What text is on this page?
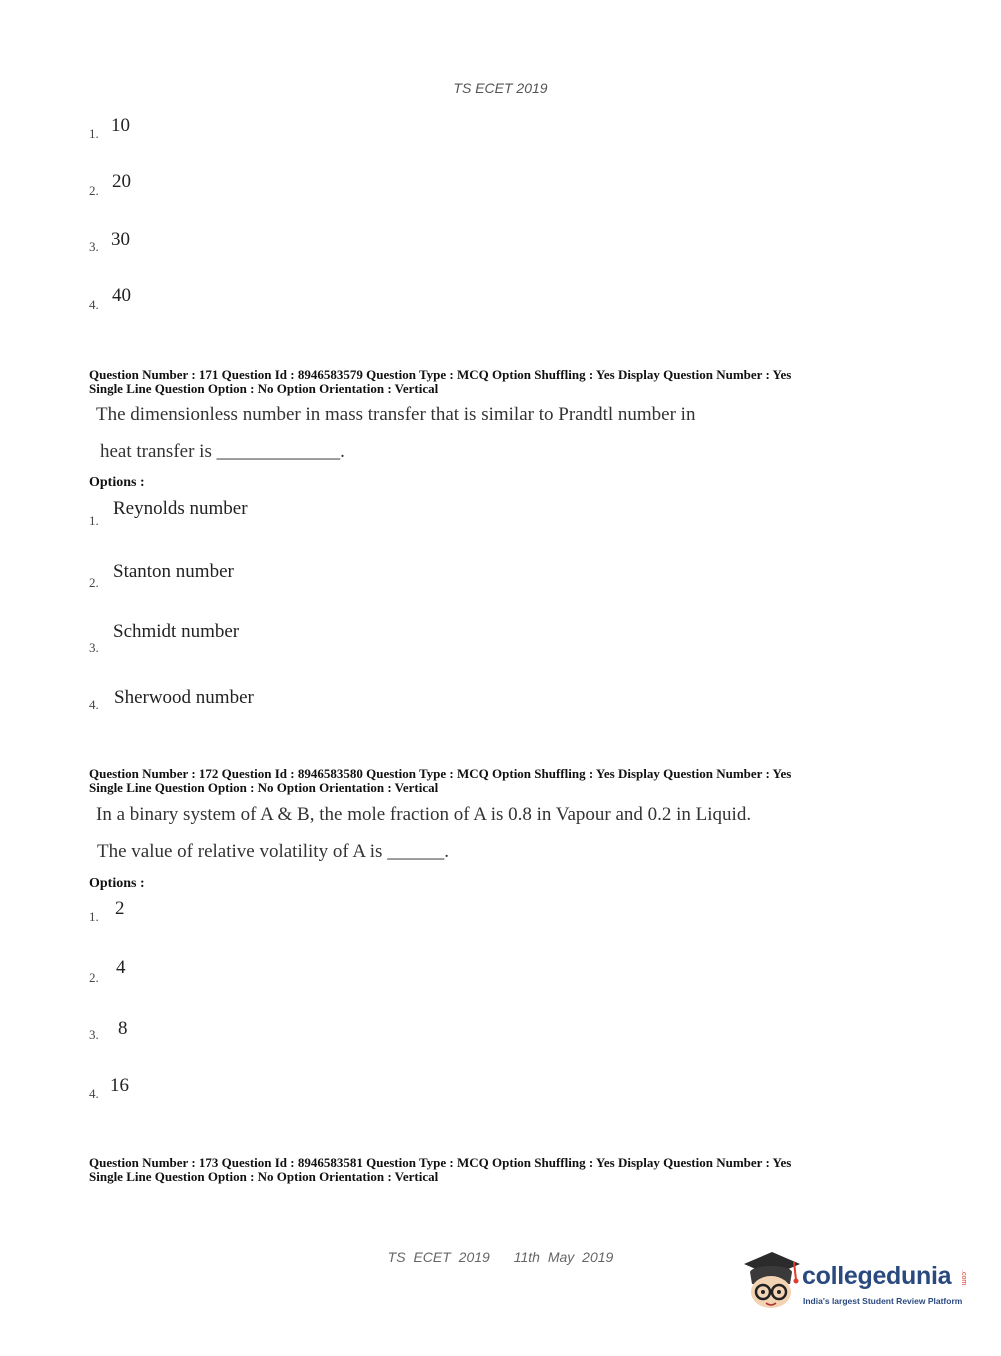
TS ECET 2019
1. 10
2. 20
3. 30
4. 40
Question Number : 171 Question Id : 8946583579 Question Type : MCQ Option Shuffling : Yes Display Question Number : Yes
Single Line Question Option : No Option Orientation : Vertical
The dimensionless number in mass transfer that is similar to Prandtl number in
heat transfer is _____________.
Options :
1.
Reynolds number
2.
Stanton number
3.
Schmidt number
4. Sherwood number
Question Number : 172 Question Id : 8946583580 Question Type : MCQ Option Shuffling : Yes Display Question Number : Yes
Single Line Question Option : No Option Orientation : Vertical
In a binary system of A & B, the mole fraction of A is 0.8 in Vapour and 0.2 in Liquid.
The value of relative volatility of A is ______.
Options :
1. 2
2. 4
3. 8
4. 16
Question Number : 173 Question Id : 8946583581 Question Type : MCQ Option Shuffling : Yes Display Question Number : Yes
Single Line Question Option : No Option Orientation : Vertical
TS ECET 2019 11th May 2019
collegedunia .com
India's largest Student Review Platform
